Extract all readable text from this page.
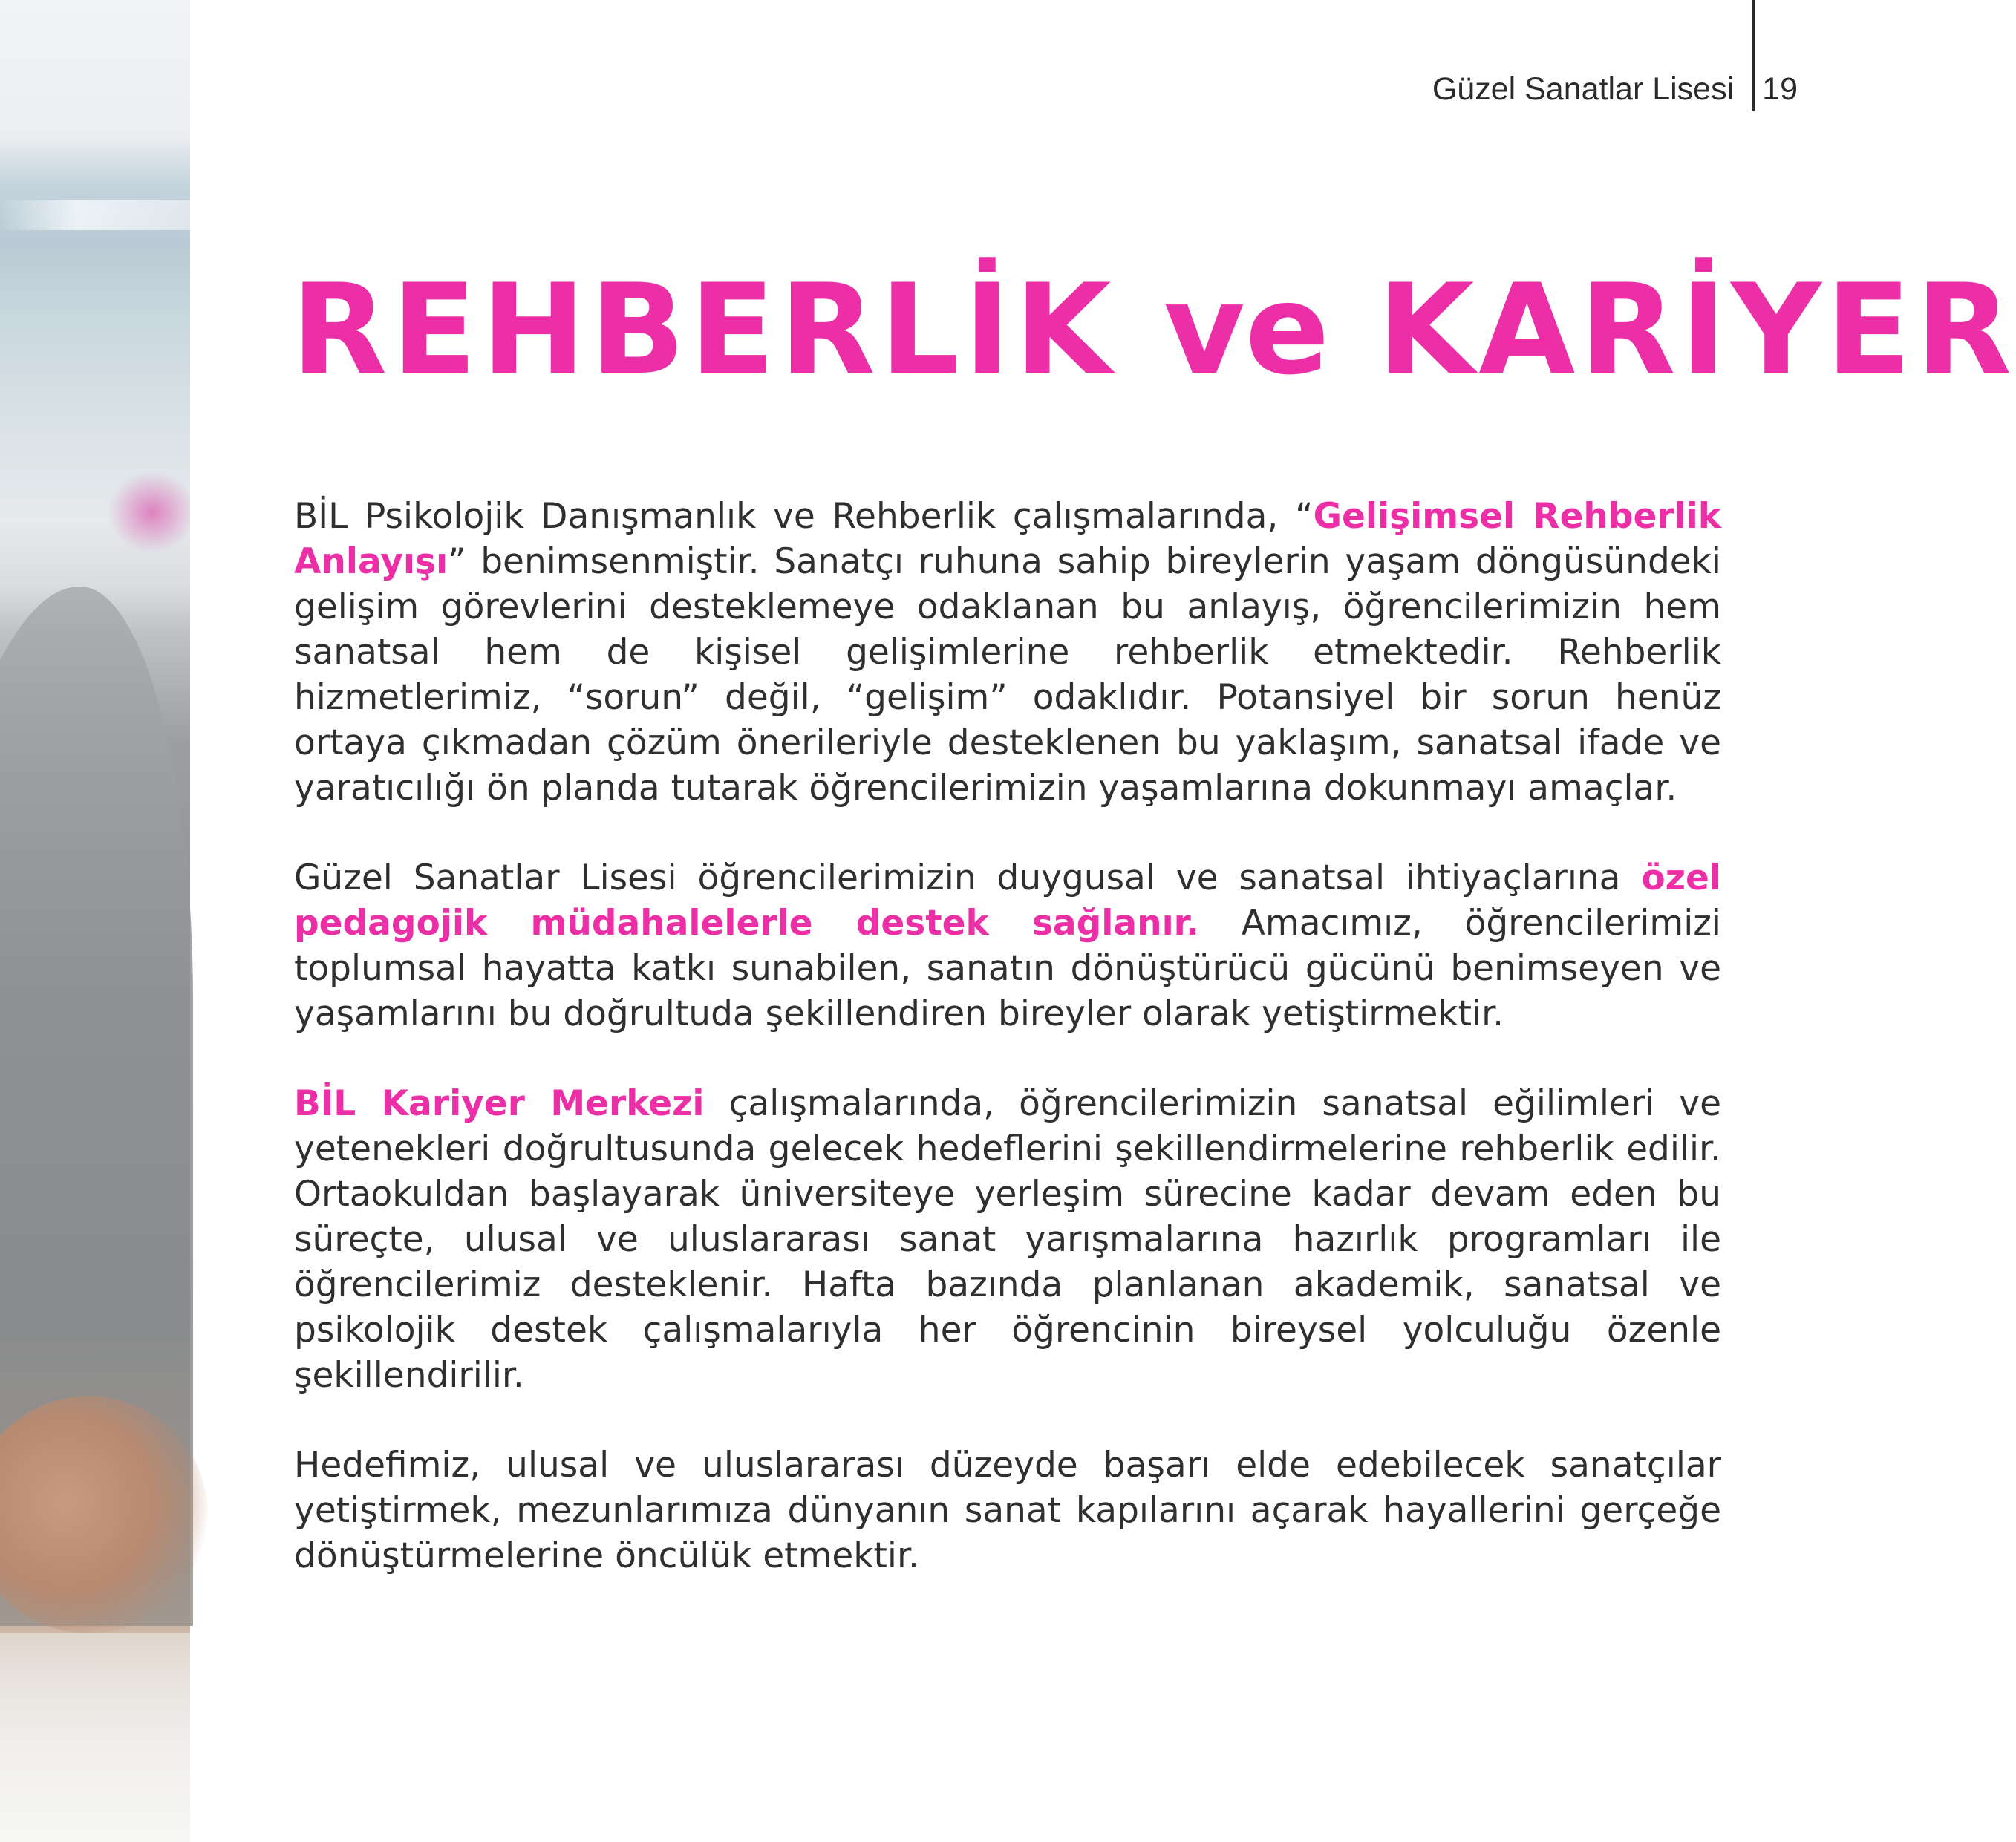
Güzel Sanatlar Lisesi 19
REHBERLİK ve KARİYER

BİL Psikolojik Danışmanlık ve Rehberlik çalışmalarında, “Gelişimsel Rehberlik Anlayışı” benimsenmiştir. Sanatçı ruhuna sahip bireylerin yaşam döngüsündeki gelişim görevlerini desteklemeye odaklanan bu anlayış, öğrencilerimizin hem sanatsal hem de kişisel gelişimlerine rehberlik etmektedir. Rehberlik hizmetlerimiz, “sorun” değil, “gelişim” odaklıdır. Potansiyel bir sorun henüz ortaya çıkmadan çözüm önerileriyle desteklenen bu yaklaşım, sanatsal ifade ve yaratıcılığı ön planda tutarak öğrencilerimizin yaşamlarına dokunmayı amaçlar.

Güzel Sanatlar Lisesi öğrencilerimizin duygusal ve sanatsal ihtiyaçlarına özel pedagojik müdahalelerle destek sağlanır. Amacımız, öğrencilerimizi toplumsal hayatta katkı sunabilen, sanatın dönüştürücü gücünü benimseyen ve yaşamlarını bu doğrultuda şekillendiren bireyler olarak yetiştirmektir.

BİL Kariyer Merkezi çalışmalarında, öğrencilerimizin sanatsal eğilimleri ve yetenekleri doğrultusunda gelecek hedeflerini şekillendirmelerine rehberlik edilir. Ortaokuldan başlayarak üniversiteye yerleşim sürecine kadar devam eden bu süreçte, ulusal ve uluslararası sanat yarışmalarına hazırlık programları ile öğrencilerimiz desteklenir. Hafta bazında planlanan akademik, sanatsal ve psikolojik destek çalışmalarıyla her öğrencinin bireysel yolculuğu özenle şekillendirilir.

Hedefimiz, ulusal ve uluslararası düzeyde başarı elde edebilecek sanatçılar yetiştirmek, mezunlarımıza dünyanın sanat kapılarını açarak hayallerini gerçeğe dönüştürmelerine öncülük etmektir.
